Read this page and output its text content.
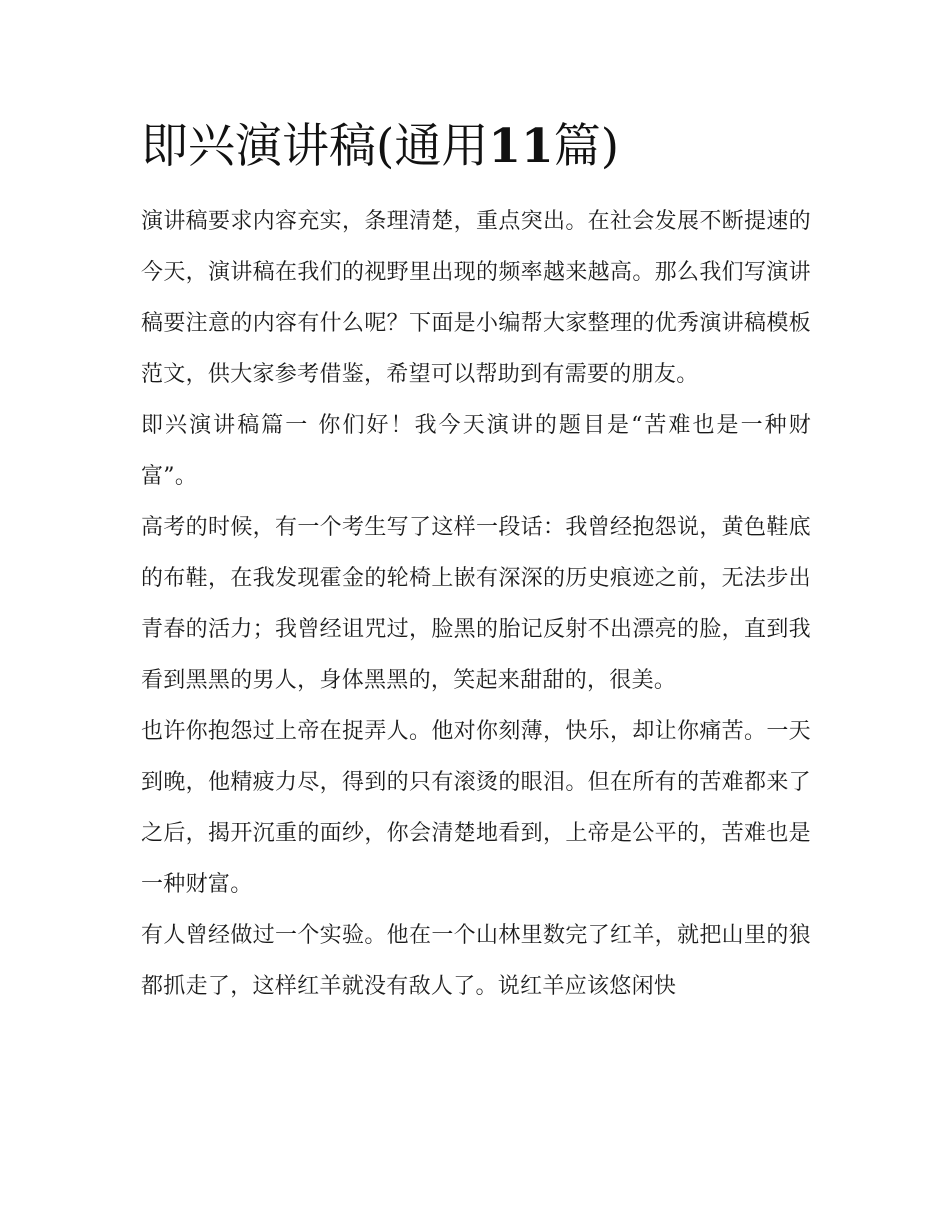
即兴演讲稿(通用11篇)

演讲稿要求内容充实，条理清楚，重点突出。在社会发展不断提速的今天，演讲稿在我们的视野里出现的频率越来越高。那么我们写演讲稿要注意的内容有什么呢？下面是小编帮大家整理的优秀演讲稿模板范文，供大家参考借鉴，希望可以帮助到有需要的朋友。

即兴演讲稿篇一 你们好！我今天演讲的题目是“苦难也是一种财富”。

高考的时候，有一个考生写了这样一段话：我曾经抱怨说，黄色鞋底的布鞋，在我发现霍金的轮椅上嵌有深深的历史痕迹之前，无法步出青春的活力；我曾经诅咒过，脸黑的胎记反射不出漂亮的脸，直到我看到黑黑的男人，身体黑黑的，笑起来甜甜的，很美。

也许你抱怨过上帝在捉弄人。他对你刻薄，快乐，却让你痛苦。一天到晚，他精疲力尽，得到的只有滚烫的眼泪。但在所有的苦难都来了之后，揭开沉重的面纱，你会清楚地看到，上帝是公平的，苦难也是一种财富。

有人曾经做过一个实验。他在一个山林里数完了红羊，就把山里的狼都抓走了，这样红羊就没有敌人了。说红羊应该悠闲快
